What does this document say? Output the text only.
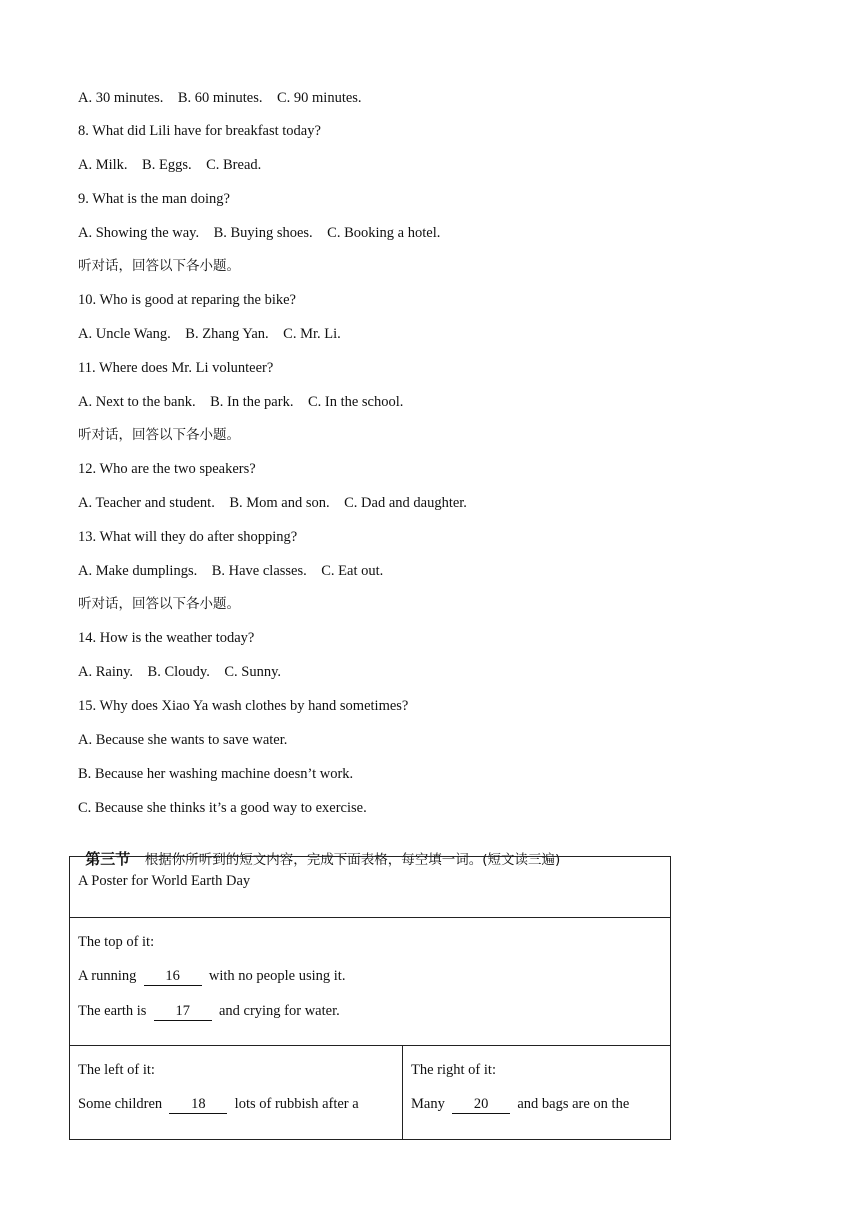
A. 30 minutes.    B. 60 minutes.    C. 90 minutes.
8. What did Lili have for breakfast today?
A. Milk.    B. Eggs.    C. Bread.
9. What is the man doing?
A. Showing the way.    B. Buying shoes.    C. Booking a hotel.
听对话，回答以下各小题。
10. Who is good at reparing the bike?
A. Uncle Wang.    B. Zhang Yan.    C. Mr. Li.
11. Where does Mr. Li volunteer?
A. Next to the bank.    B. In the park.    C. In the school.
听对话，回答以下各小题。
12. Who are the two speakers?
A. Teacher and student.    B. Mom and son.    C. Dad and daughter.
13. What will they do after shopping?
A. Make dumplings.    B. Have classes.    C. Eat out.
听对话，回答以下各小题。
14. How is the weather today?
A. Rainy.    B. Cloudy.    C. Sunny.
15. Why does Xiao Ya wash clothes by hand sometimes?
A. Because she wants to save water.
B. Because her washing machine doesn’t work.
C. Because she thinks it’s a good way to exercise.

第三节 根据你所听到的短文内容，完成下面表格，每空填一词。(短文读三遍)

A Poster for World Earth Day

The top of it:
A running 16 with no people using it.
The earth is 17 and crying for water.

The left of it:
Some children 18 lots of rubbish after a

The right of it:
Many 20 and bags are on the
